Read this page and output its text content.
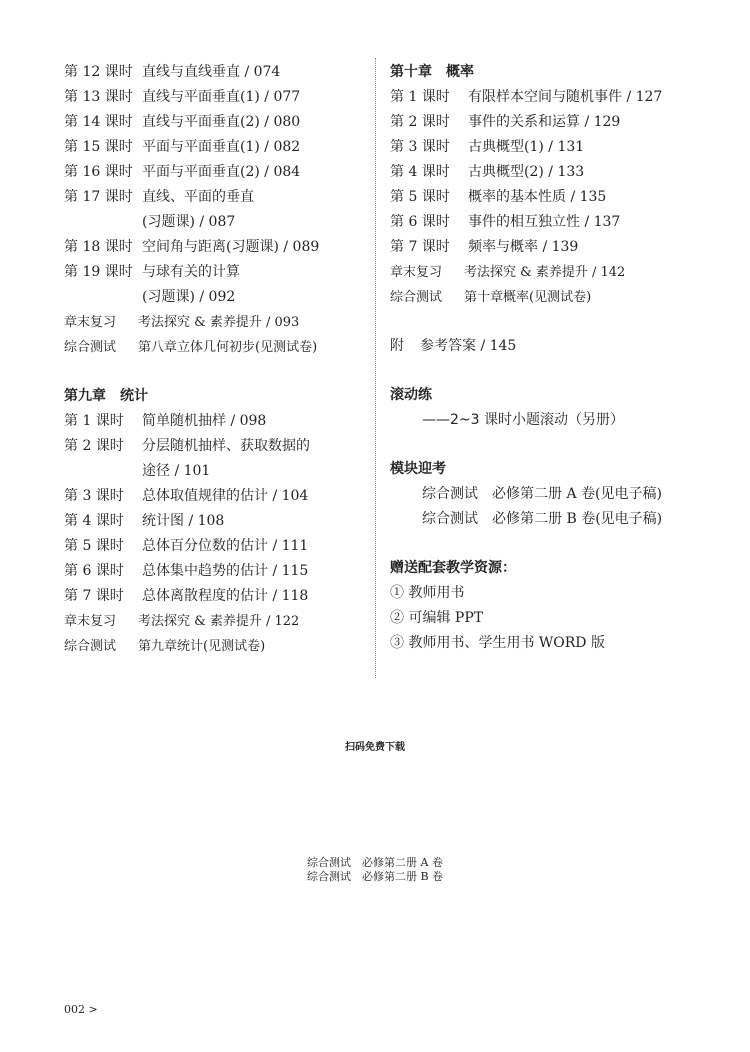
第 12 课时 直线与直线垂直 / 074
第 13 课时 直线与平面垂直(1) / 077
第 14 课时 直线与平面垂直(2) / 080
第 15 课时 平面与平面垂直(1) / 082
第 16 课时 平面与平面垂直(2) / 084
第 17 课时 直线、平面的垂直
(习题课) / 087
第 18 课时 空间角与距离(习题课) / 089
第 19 课时 与球有关的计算
(习题课) / 092
章末复习 考法探究 & 素养提升 / 093
综合测试 第八章立体几何初步(见测试卷)
第九章　统计
第 1 课时 简单随机抽样 / 098
第 2 课时 分层随机抽样、获取数据的
途径 / 101
第 3 课时 总体取值规律的估计 / 104
第 4 课时 统计图 / 108
第 5 课时 总体百分位数的估计 / 111
第 6 课时 总体集中趋势的估计 / 115
第 7 课时 总体离散程度的估计 / 118
章末复习 考法探究 & 素养提升 / 122
综合测试 第九章统计(见测试卷)
第十章　概率
第 1 课时 有限样本空间与随机事件 / 127
第 2 课时 事件的关系和运算 / 129
第 3 课时 古典概型(1) / 131
第 4 课时 古典概型(2) / 133
第 5 课时 概率的基本性质 / 135
第 6 课时 事件的相互独立性 / 137
第 7 课时 频率与概率 / 139
章末复习 考法探究 & 素养提升 / 142
综合测试 第十章概率(见测试卷)
附 参考答案 / 145
滚动练
——2~3 课时小题滚动（另册）
模块迎考
综合测试　必修第二册 A 卷(见电子稿)
综合测试　必修第二册 B 卷(见电子稿)
赠送配套教学资源：
① 教师用书
② 可编辑 PPT
③ 教师用书、学生用书 WORD 版
扫码免费下载
综合测试　必修第二册 A 卷
综合测试　必修第二册 B 卷
002 >
